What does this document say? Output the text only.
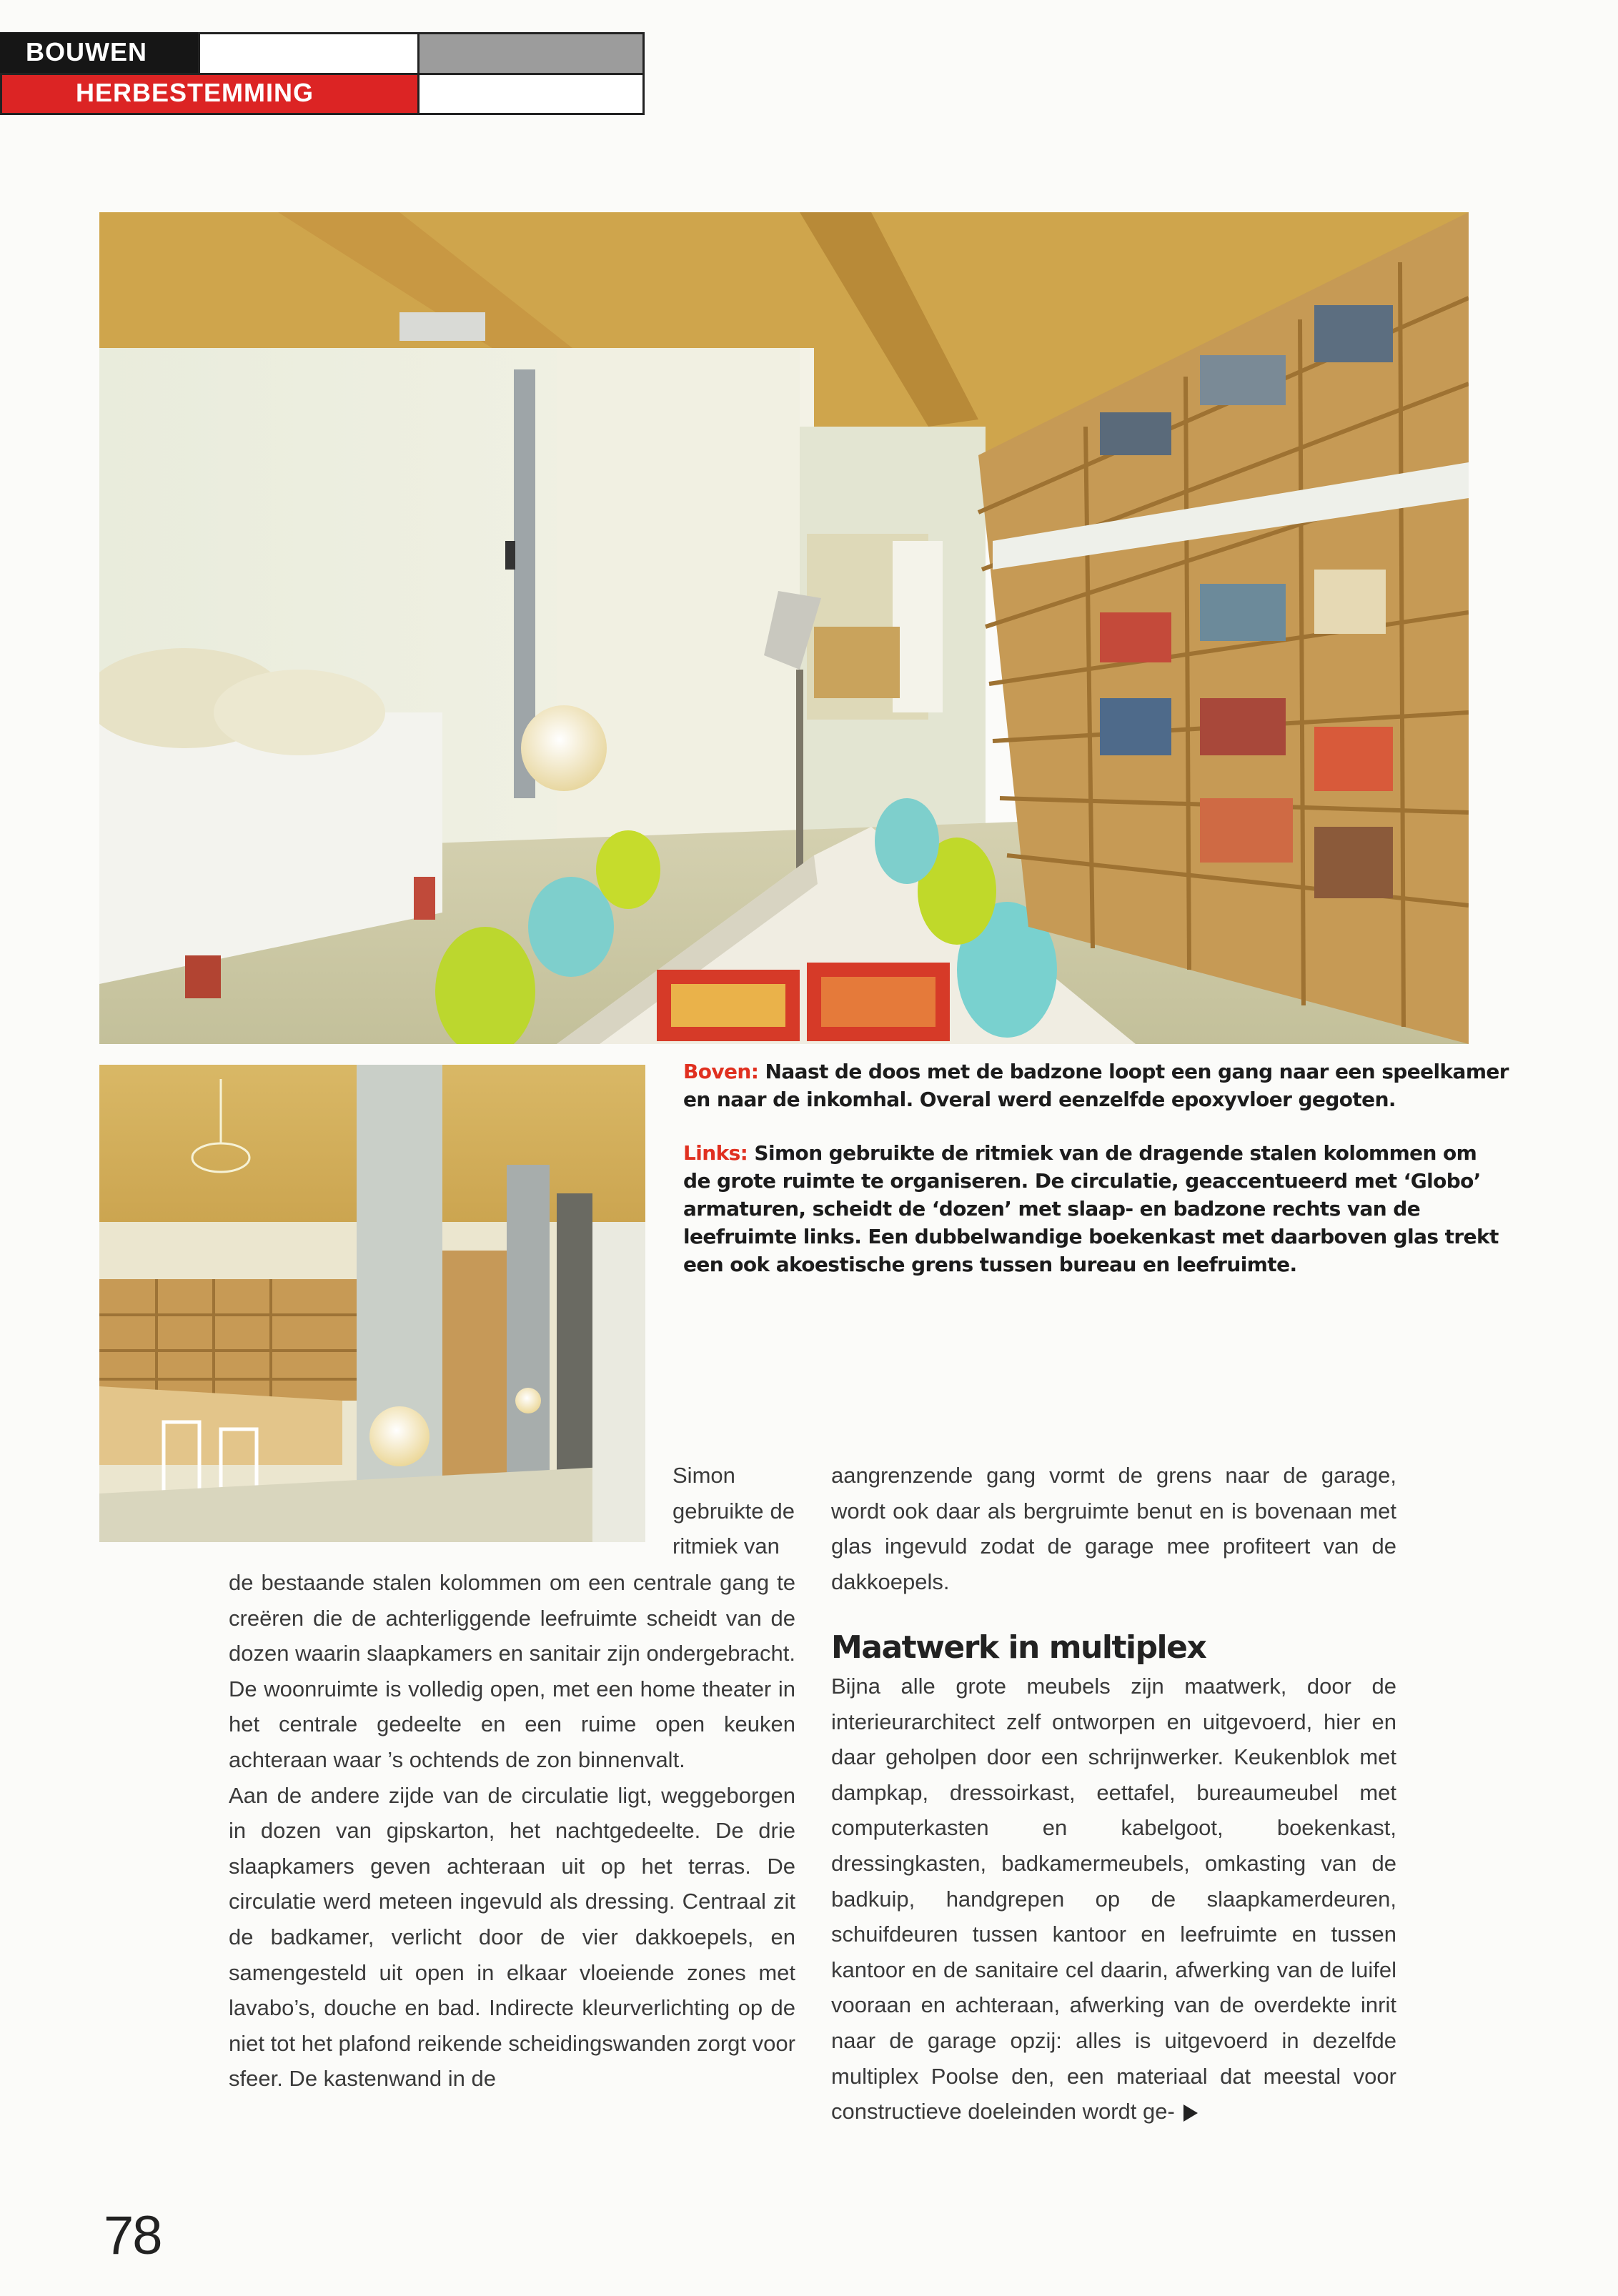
BOUWEN
HERBESTEMMING
Boven: Naast de doos met de badzone loopt een gang naar een speelkamer en naar de inkomhal. Overal werd eenzelfde epoxyvloer gegoten.
Links: Simon gebruikte de ritmiek van de dragende stalen kolommen om de grote ruimte te organiseren. De circulatie, geaccentueerd met ‘Globo’ armaturen, scheidt de ‘dozen’ met slaap- en badzone rechts van de leefruimte links. Een dubbelwandige boekenkast met daarboven glas trekt een ook akoestische grens tussen bureau en leefruimte.
Simon gebruikte de ritmiek van

de bestaande stalen kolommen om een centrale gang te creëren die de achterliggende leefruimte scheidt van de dozen waarin slaapkamers en sanitair zijn ondergebracht. De woonruimte is volledig open, met een home theater in het centrale gedeelte en een ruime open keuken achteraan waar ’s ochtends de zon binnenvalt.

Aan de andere zijde van de circulatie ligt, weggeborgen in dozen van gipskarton, het nachtgedeelte. De drie slaapkamers geven achteraan uit op het terras. De circulatie werd meteen ingevuld als dressing. Centraal zit de badkamer, verlicht door de vier dakkoepels, en samengesteld uit open in elkaar vloeiende zones met lavabo’s, douche en bad. Indirecte kleurverlichting op de niet tot het plafond reikende scheidingswanden zorgt voor sfeer. De kastenwand in de

aangrenzende gang vormt de grens naar de garage, wordt ook daar als bergruimte benut en is bovenaan met glas ingevuld zodat de garage mee profiteert van de dakkoepels.

Maatwerk in multiplex

Bijna alle grote meubels zijn maatwerk, door de interieurarchitect zelf ontworpen en uitgevoerd, hier en daar geholpen door een schrijnwerker. Keukenblok met dampkap, dressoirkast, eettafel, bureaumeubel met computerkasten en kabelgoot, boekenkast, dressingkasten, badkamermeubels, omkasting van de badkuip, handgrepen op de slaapkamerdeuren, schuifdeuren tussen kantoor en leefruimte en tussen kantoor en de sanitaire cel daarin, afwerking van de luifel vooraan en achteraan, afwerking van de overdekte inrit naar de garage opzij: alles is uitgevoerd in dezelfde multiplex Poolse den, een materiaal dat meestal voor constructieve doeleinden wordt ge-

78
